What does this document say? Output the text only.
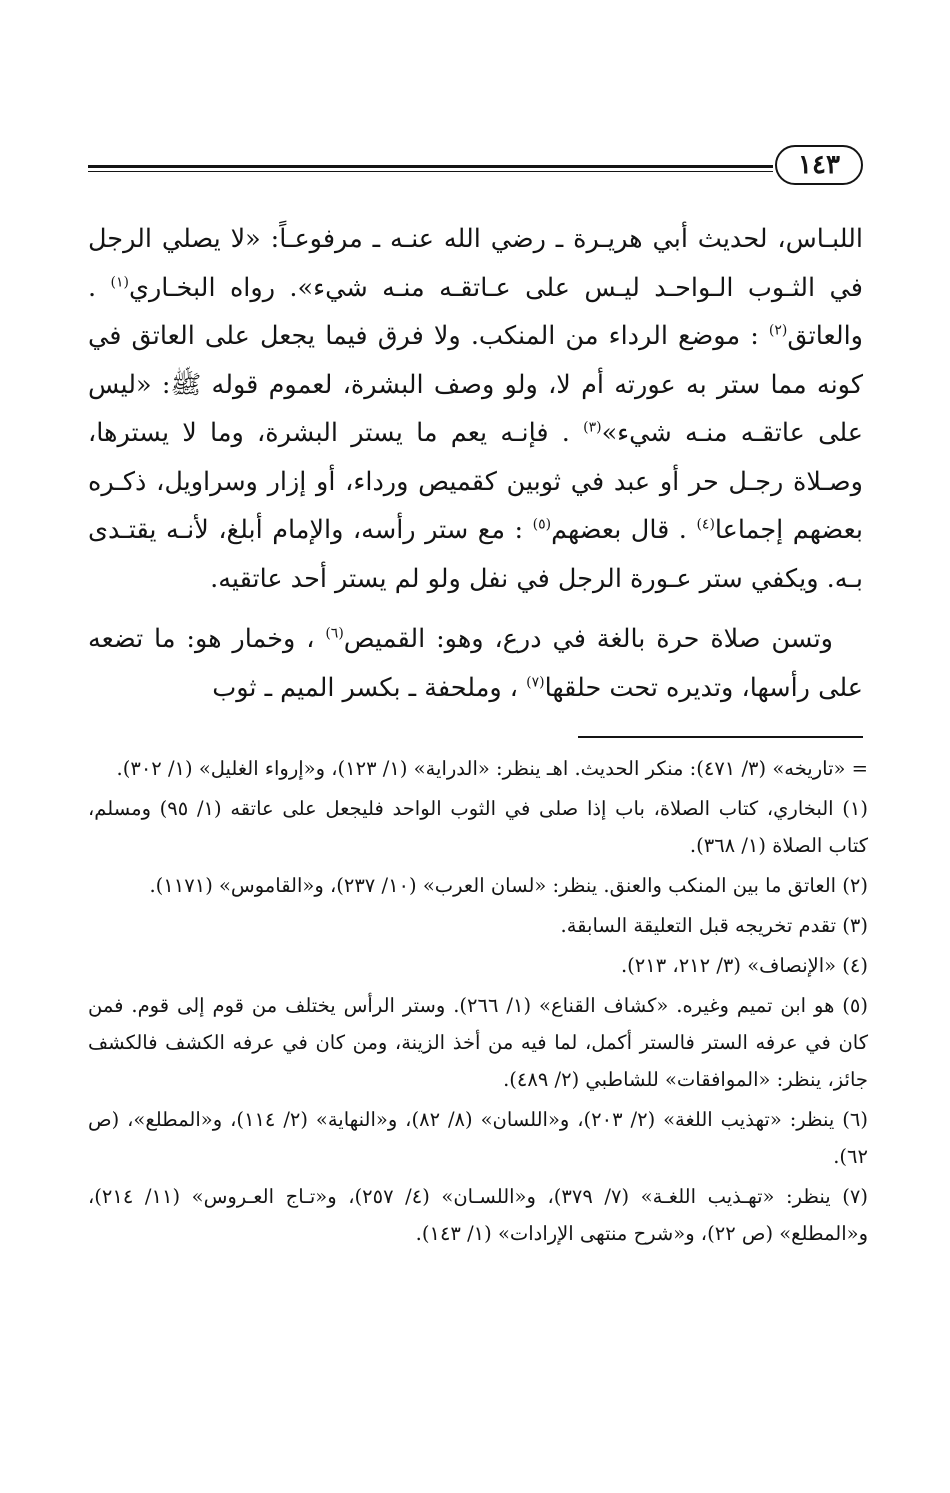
١٤٣

اللبـاس، لحديث أبي هريـرة ـ رضي الله عنـه ـ مرفوعـاً: «لا يصلي الرجل في الثـوب الـواحـد ليـس على عـاتقـه منـه شيء». رواه البخـاري$^{(١)}$ . والعاتق$^{(٢)}$ : موضع الرداء من المنكب. ولا فرق فيما يجعل على العاتق في كونه مما ستر به عورته أم لا، ولو وصف البشرة، لعموم قوله ﷺ: «ليس على عاتقـه منـه شيء»$^{(٣)}$ . فإنـه يعم ما يستر البشرة، وما لا يسترها، وصـلاة رجـل حر أو عبد في ثوبين كقميص ورداء، أو إزار وسراويل، ذكـره بعضهم إجماعا$^{(٤)}$ . قال بعضهم$^{(٥)}$ : مع ستر رأسه، والإمام أبلغ، لأنـه يقتـدى بـه. ويكفي ستر عـورة الرجل في نفل ولو لم يستر أحد عاتقيه.

وتسن صلاة حرة بالغة في درع، وهو: القميص$^{(٦)}$ ، وخمار هو: ما تضعه على رأسها، وتديره تحت حلقها$^{(٧)}$ ، وملحفة ـ بكسر الميم ـ ثوب

= «تاريخه» (٣/ ٤٧١): منكر الحديث. اهـ ينظر: «الدراية» (١/ ١٢٣)، و«إرواء الغليل» (١/ ٣٠٢).

(١) البخاري، كتاب الصلاة، باب إذا صلى في الثوب الواحد فليجعل على عاتقه (١/ ٩٥) ومسلم، كتاب الصلاة (١/ ٣٦٨).

(٢) العاتق ما بين المنكب والعنق. ينظر: «لسان العرب» (١٠/ ٢٣٧)، و«القاموس» (١١٧١).

(٣) تقدم تخريجه قبل التعليقة السابقة.

(٤) «الإنصاف» (٣/ ٢١٢، ٢١٣).

(٥) هو ابن تميم وغيره. «كشاف القناع» (١/ ٢٦٦). وستر الرأس يختلف من قوم إلى قوم. فمن كان في عرفه الستر فالستر أكمل، لما فيه من أخذ الزينة، ومن كان في عرفه الكشف فالكشف جائز، ينظر: «الموافقات» للشاطبي (٢/ ٤٨٩).

(٦) ينظر: «تهذيب اللغة» (٢/ ٢٠٣)، و«اللسان» (٨/ ٨٢)، و«النهاية» (٢/ ١١٤)، و«المطلع»، (ص ٦٢).

(٧) ينظر: «تهـذيب اللغـة» (٧/ ٣٧٩)، و«اللسـان» (٤/ ٢٥٧)، و«تـاج العـروس» (١١/ ٢١٤)، و«المطلع» (ص ٢٢)، و«شرح منتهى الإرادات» (١/ ١٤٣).
